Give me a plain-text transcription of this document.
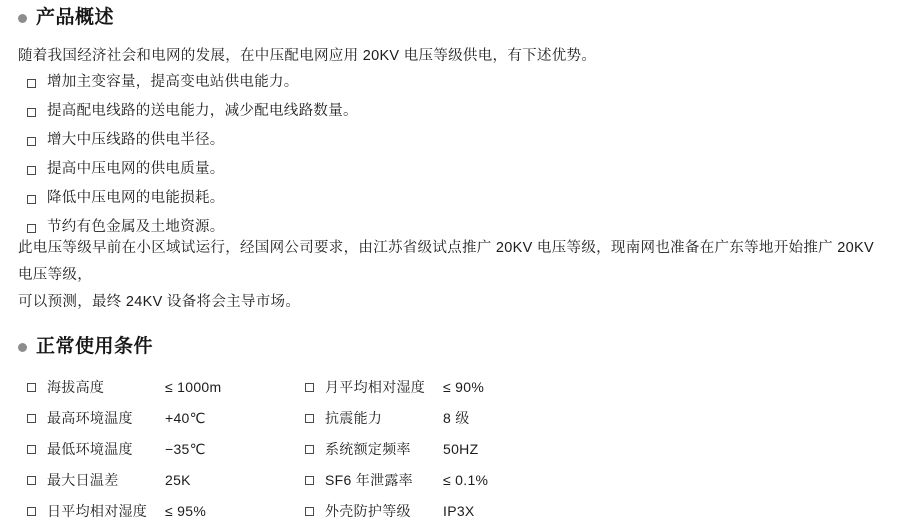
产品概述
随着我国经济社会和电网的发展，在中压配电网应用 20KV 电压等级供电，有下述优势。
增加主变容量，提高变电站供电能力。
提高配电线路的送电能力，减少配电线路数量。
增大中压线路的供电半径。
提高中压电网的供电质量。
降低中压电网的电能损耗。
节约有色金属及土地资源。
此电压等级早前在小区域试运行，经国网公司要求，由江苏省级试点推广 20KV 电压等级，现南网也准备在广东等地开始推广 20KV 电压等级，
可以预测，最终 24KV 设备将会主导市场。
正常使用条件
	海拔高度	≤ 1000m			月平均相对湿度	≤ 90%
	最高环境温度	+40℃			抗震能力	8 级
	最低环境温度	−35℃			系统额定频率	50HZ
	最大日温差	25K			SF6 年泄露率	≤ 0.1%
	日平均相对湿度	≤ 95%			外壳防护等级	IP3X
